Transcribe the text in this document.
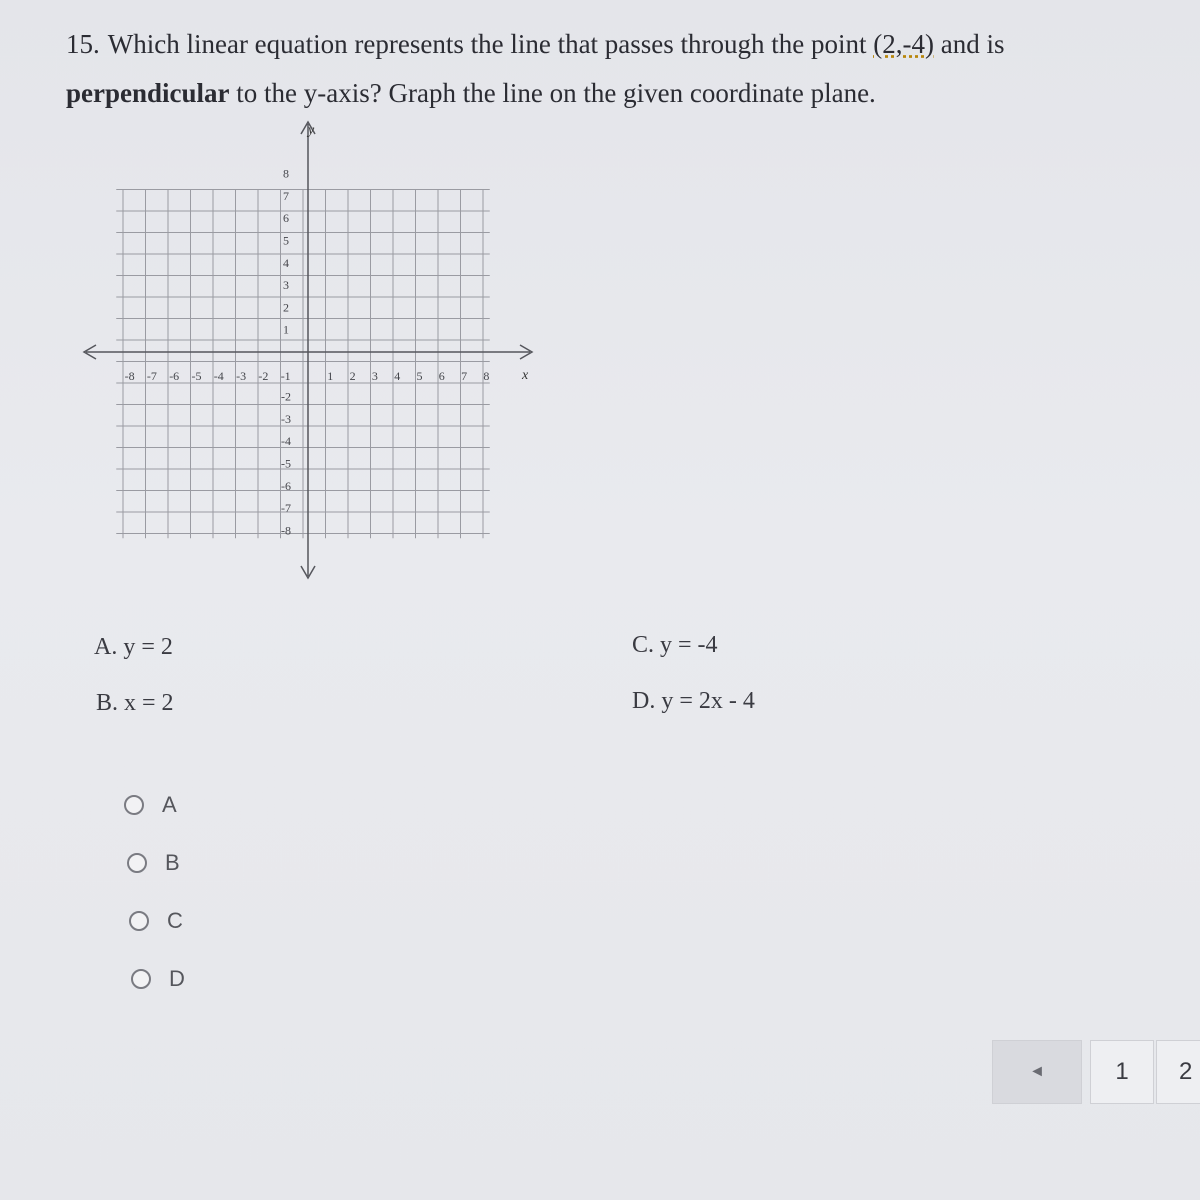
15. Which linear equation represents the line that passes through the point (2,-4) and is
perpendicular to the y-axis? Graph the line on the given coordinate plane.
-8 -7 -6 -5 -4 -3 -2 -1	1 2 3 4 5 6 7 8
8
7
6
5
4
3
2
1
-2
-3
-4
-5
-6
-7
-8
y
x
A. y = 2
B. x = 2
C. y = -4
D. y = 2x - 4
A
B
C
D
◄	1 2
